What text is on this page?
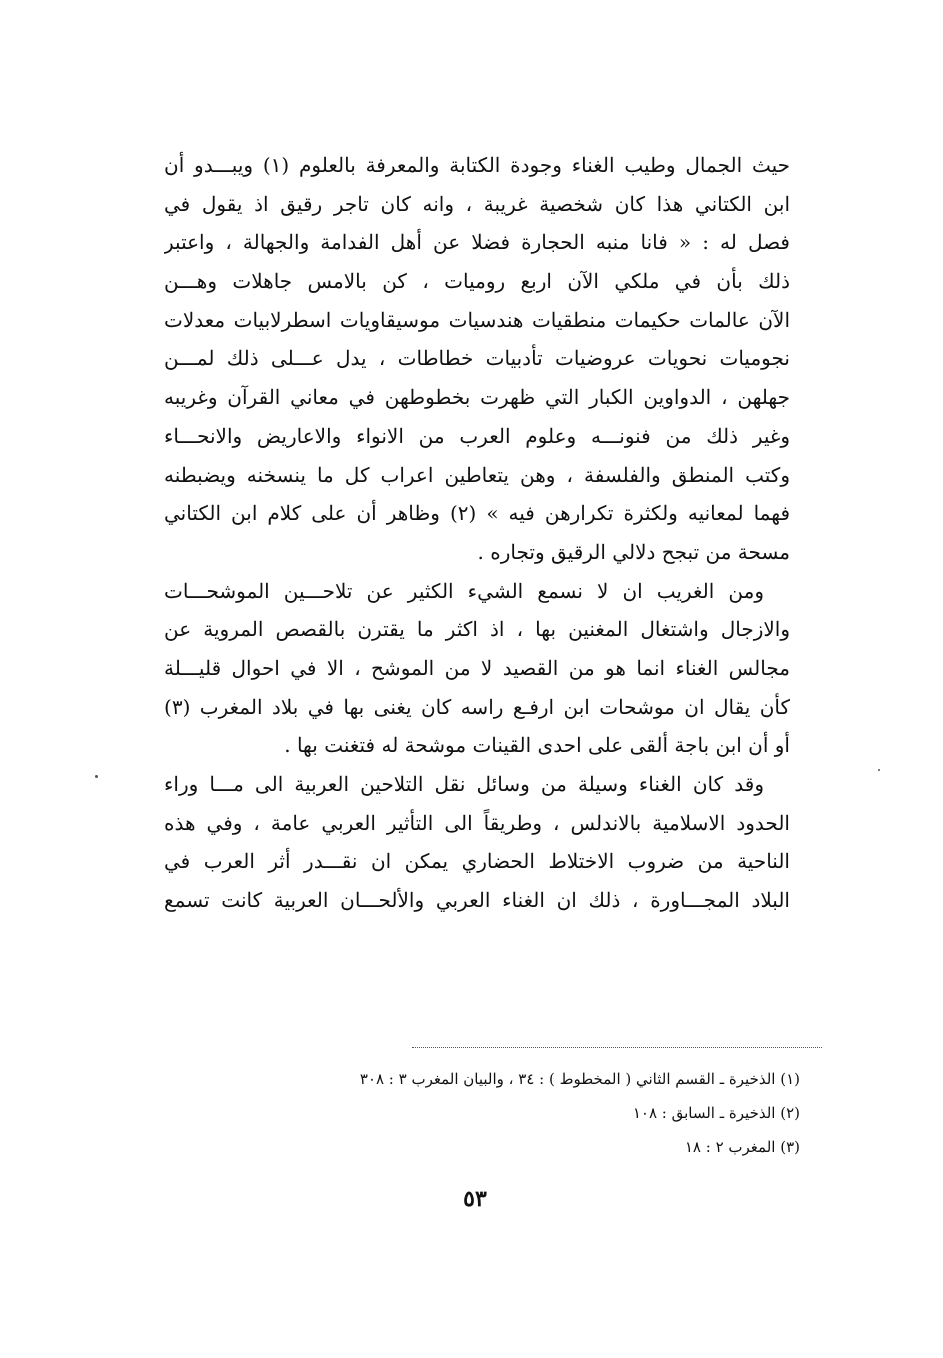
حيث الجمال وطيب الغناء وجودة الكتابة والمعرفة بالعلوم (١) ويبـــدو أن
ابن الكتاني هذا كان شخصية غريبة ، وانه كان تاجر رقيق اذ يقول في
فصل له : « فانا منبه الحجارة فضلا عن أهل الفدامة والجهالة ، واعتبر
ذلك بأن في ملكي الآن اربع روميات ، كن بالامس جاهلات وهـــن
الآن عالمات حكيمات منطقيات هندسيات موسيقاويات اسطرلابيات معدلات
نجوميات نحويات عروضيات تأدبيات خطاطات ، يدل عـــلى ذلك لمـــن
جهلهن ، الدواوين الكبار التي ظهرت بخطوطهن في معاني القرآن وغريبه
وغير ذلك من فنونـــه وعلوم العرب من الانواء والاعاريض والانحـــاء
وكتب المنطق والفلسفة ، وهن يتعاطين اعراب كل ما ينسخنه ويضبطنه
فهما لمعانيه ولكثرة تكرارهن فيه » (٢) وظاهر أن على كلام ابن الكتاني
مسحة من تبجح دلالي الرقيق وتجاره .
ومن الغريب ان لا نسمع الشيء الكثير عن تلاحـــين الموشحـــات
والازجال واشتغال المغنين بها ، اذ اكثر ما يقترن بالقصص المروية عن
مجالس الغناء انما هو من القصيد لا من الموشح ، الا في احوال قليـــلة
كأن يقال ان موشحات ابن ارفـع راسه كان يغنى بها في بلاد المغرب (٣)
أو أن ابن باجة ألقى على احدى القينات موشحة له فتغنت بها .
وقد كان الغناء وسيلة من وسائل نقل التلاحين العربية الى مـــا وراء
الحدود الاسلامية بالاندلس ، وطريقاً الى التأثير العربي عامة ، وفي هذه
الناحية من ضروب الاختلاط الحضاري يمكن ان نقـــدر أثر العرب في
البلاد المجـــاورة ، ذلك ان الغناء العربي والألحـــان العربية كانت تسمع
(١) الذخيرة ـ القسم الثاني ( المخطوط ) : ٣٤ ، والبيان المغرب ٣ : ٣٠٨
(٢) الذخيرة ـ السابق : ١٠٨
(٣) المغرب ٢ : ١٨
٥٣
